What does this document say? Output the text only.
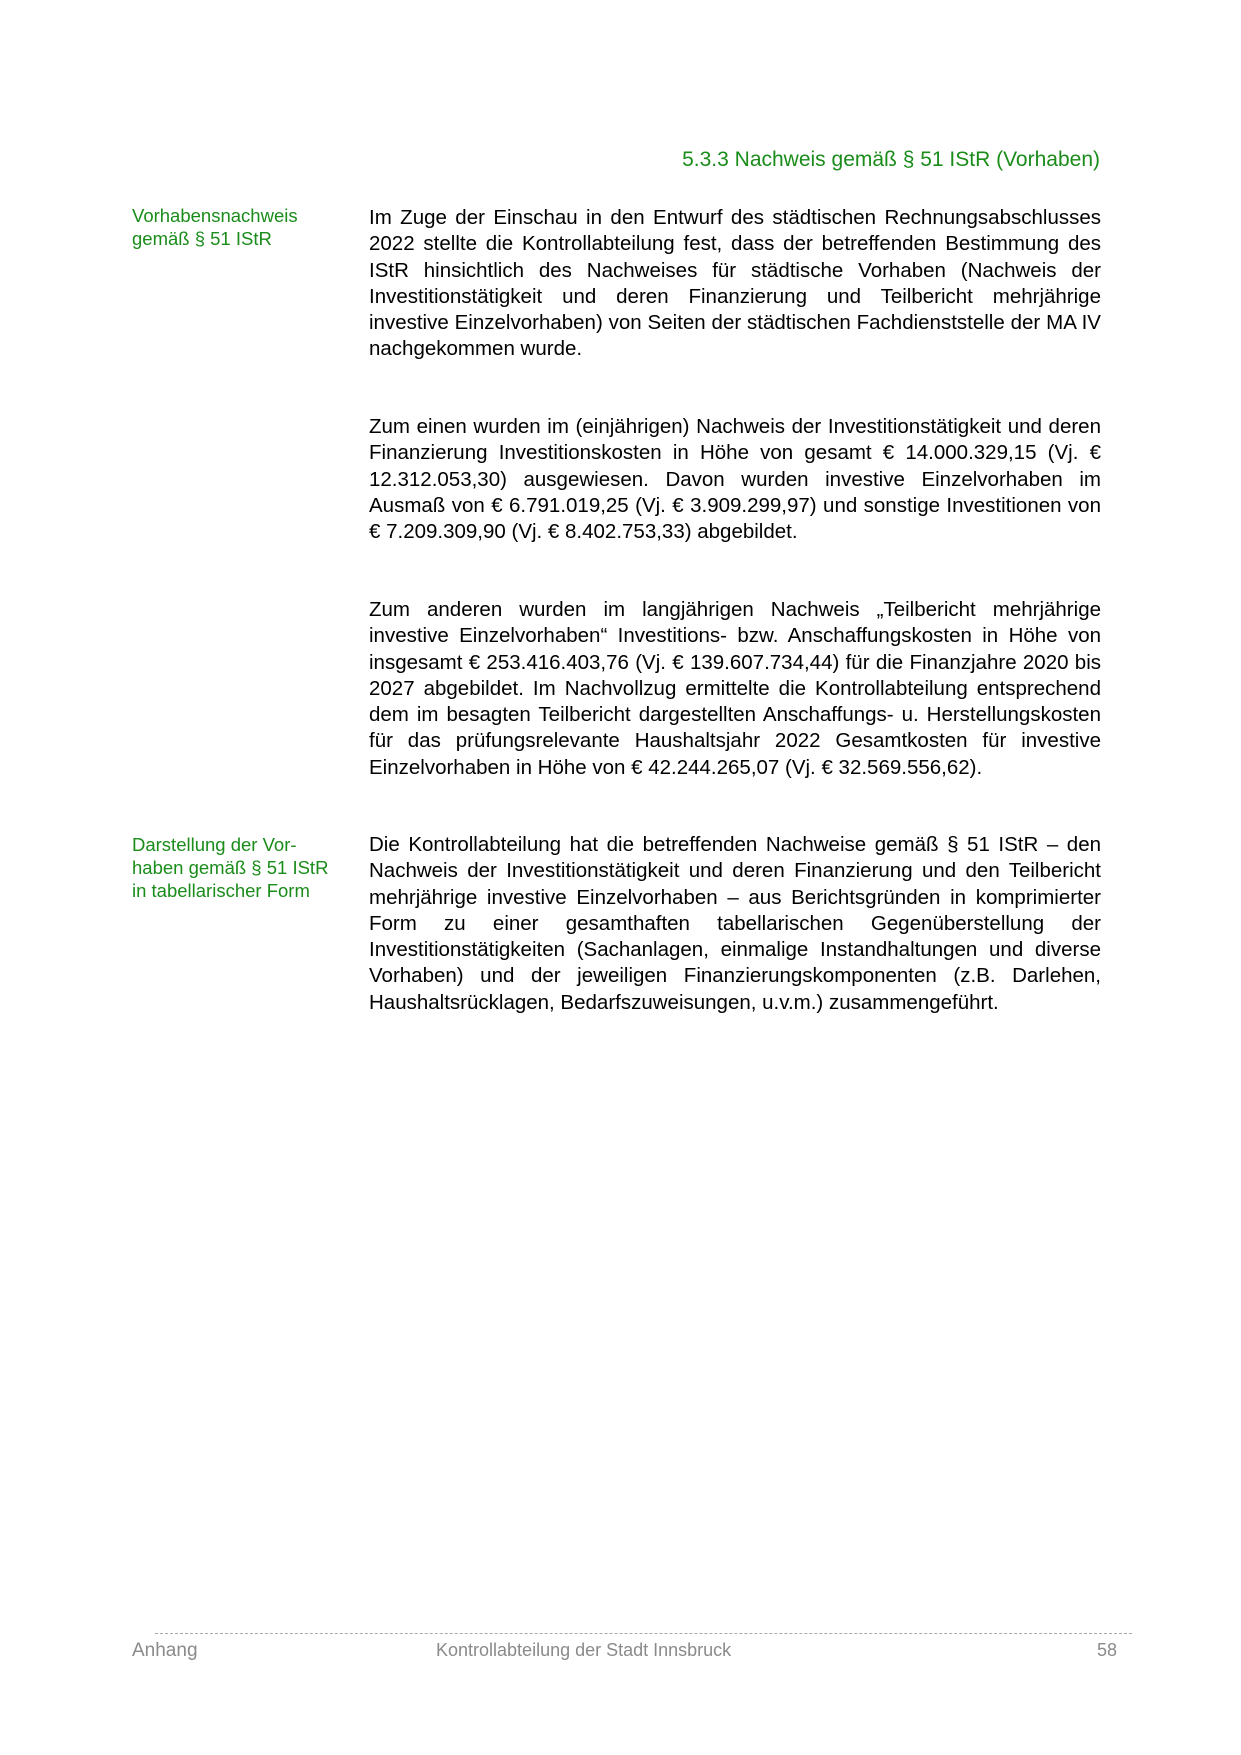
5.3.3 Nachweis gemäß § 51 IStR (Vorhaben)
Vorhabensnachweis gemäß § 51 IStR
Im Zuge der Einschau in den Entwurf des städtischen Rechnungsabschlusses 2022 stellte die Kontrollabteilung fest, dass der betreffenden Bestimmung des IStR hinsichtlich des Nachweises für städtische Vorhaben (Nachweis der Investitionstätigkeit und deren Finanzierung und Teilbericht mehrjährige investive Einzelvorhaben) von Seiten der städtischen Fachdienststelle der MA IV nachgekommen wurde.
Zum einen wurden im (einjährigen) Nachweis der Investitionstätigkeit und deren Finanzierung Investitionskosten in Höhe von gesamt € 14.000.329,15 (Vj. € 12.312.053,30) ausgewiesen. Davon wurden investive Einzelvorhaben im Ausmaß von € 6.791.019,25 (Vj. € 3.909.299,97) und sonstige Investitionen von € 7.209.309,90 (Vj. € 8.402.753,33) abgebildet.
Zum anderen wurden im langjährigen Nachweis „Teilbericht mehrjährige investive Einzelvorhaben“ Investitions- bzw. Anschaffungskosten in Höhe von insgesamt € 253.416.403,76 (Vj. € 139.607.734,44) für die Finanzjahre 2020 bis 2027 abgebildet. Im Nachvollzug ermittelte die Kontrollabteilung entsprechend dem im besagten Teilbericht dargestellten Anschaffungs- u. Herstellungskosten für das prüfungsrelevante Haushaltsjahr 2022 Gesamtkosten für investive Einzelvorhaben in Höhe von € 42.244.265,07 (Vj. € 32.569.556,62).
Darstellung der Vor-
haben gemäß § 51 IStR
in tabellarischer Form
Die Kontrollabteilung hat die betreffenden Nachweise gemäß § 51 IStR – den Nachweis der Investitionstätigkeit und deren Finanzierung und den Teilbericht mehrjährige investive Einzelvorhaben – aus Berichtsgründen in komprimierter Form zu einer gesamthaften tabellarischen Gegenüberstellung der Investitionstätigkeiten (Sachanlagen, einmalige Instandhaltungen und diverse Vorhaben) und der jeweiligen Finanzierungskomponenten (z.B. Darlehen, Haushaltsrücklagen, Bedarfszuweisungen, u.v.m.) zusammengeführt.
Anhang	Kontrollabteilung der Stadt Innsbruck	58
